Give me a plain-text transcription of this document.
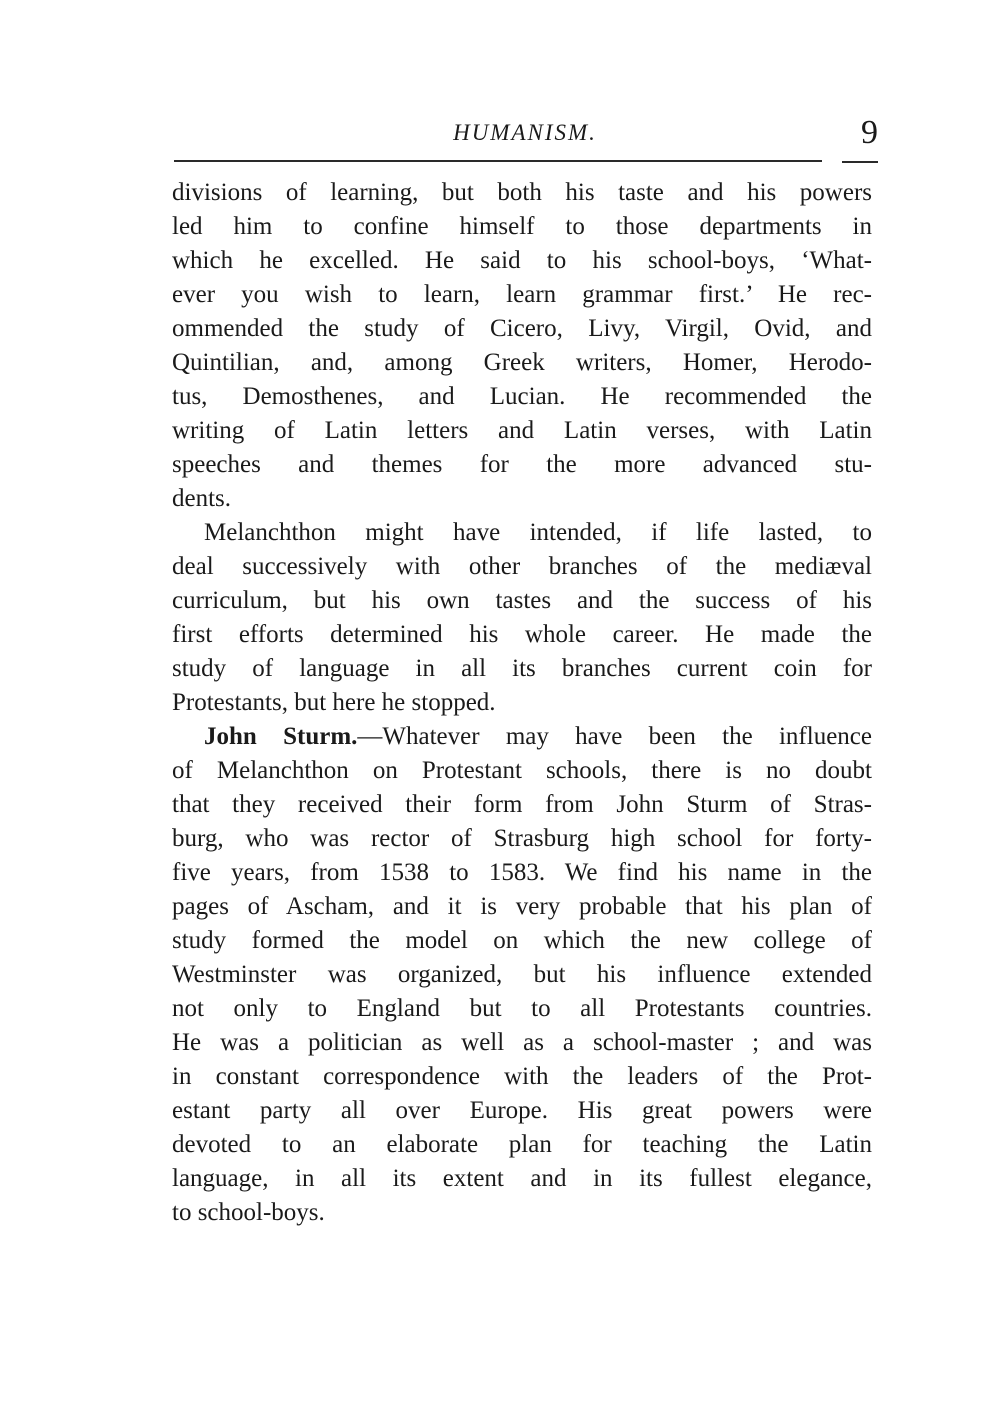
HUMANISM.	9

divisions of learning, but both his taste and his powers
led him to confine himself to those departments in
which he excelled. He said to his school-boys, ‘What-
ever you wish to learn, learn grammar first.’ He rec-
ommended the study of Cicero, Livy, Virgil, Ovid, and
Quintilian, and, among Greek writers, Homer, Herodo-
tus, Demosthenes, and Lucian. He recommended the
writing of Latin letters and Latin verses, with Latin
speeches and themes for the more advanced stu-
dents.

Melanchthon might have intended, if life lasted, to
deal successively with other branches of the mediæval
curriculum, but his own tastes and the success of his
first efforts determined his whole career. He made the
study of language in all its branches current coin for
Protestants, but here he stopped.

John Sturm.—Whatever may have been the influence
of Melanchthon on Protestant schools, there is no doubt
that they received their form from John Sturm of Stras-
burg, who was rector of Strasburg high school for forty-
five years, from 1538 to 1583. We find his name in the
pages of Ascham, and it is very probable that his plan of
study formed the model on which the new college of
Westminster was organized, but his influence extended
not only to England but to all Protestants countries.
He was a politician as well as a school-master ; and was
in constant correspondence with the leaders of the Prot-
estant party all over Europe. His great powers were
devoted to an elaborate plan for teaching the Latin
language, in all its extent and in its fullest elegance,
to school-boys.
